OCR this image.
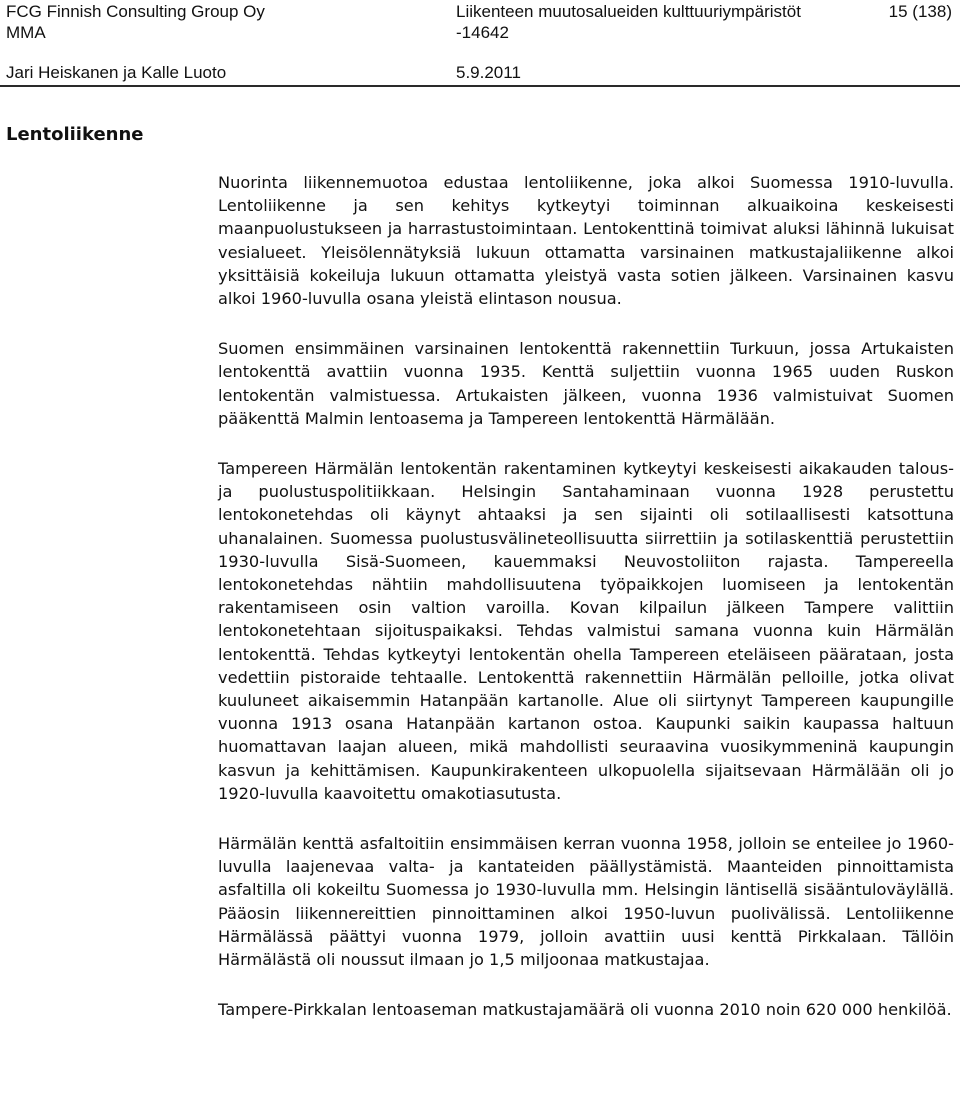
FCG Finnish Consulting Group Oy
MMA
Liikenteen muutosalueiden kulttuuriympäristöt
-14642
15 (138)
Jari Heiskanen ja Kalle Luoto	5.9.2011
Lentoliikenne

Nuorinta liikennemuotoa edustaa lentoliikenne, joka alkoi Suomessa 1910-luvulla. Lentoliikenne ja sen kehitys kytkeytyi toiminnan alkuaikoina keskeisesti maanpuolustukseen ja harrastustoimintaan. Lentokenttinä toimivat aluksi lähinnä lukuisat vesialueet. Yleisölennätyksiä lukuun ottamatta varsinainen matkustajaliikenne alkoi yksittäisiä kokeiluja lukuun ottamatta yleistyä vasta sotien jälkeen. Varsinainen kasvu alkoi 1960-luvulla osana yleistä elintason nousua.

Suomen ensimmäinen varsinainen lentokenttä rakennettiin Turkuun, jossa Artukaisten lentokenttä avattiin vuonna 1935. Kenttä suljettiin vuonna 1965 uuden Ruskon lentokentän valmistuessa. Artukaisten jälkeen, vuonna 1936 valmistuivat Suomen pääkenttä Malmin lentoasema ja Tampereen lentokenttä Härmälään.

Tampereen Härmälän lentokentän rakentaminen kytkeytyi keskeisesti aikakauden talous- ja puolustuspolitiikkaan. Helsingin Santahaminaan vuonna 1928 perustettu lentokonetehdas oli käynyt ahtaaksi ja sen sijainti oli sotilaallisesti katsottuna uhanalainen. Suomessa puolustusvälineteollisuutta siirrettiin ja sotilaskenttiä perustettiin 1930-luvulla Sisä-Suomeen, kauemmaksi Neuvostoliiton rajasta. Tampereella lentokonetehdas nähtiin mahdollisuutena työpaikkojen luomiseen ja lentokentän rakentamiseen osin valtion varoilla. Kovan kilpailun jälkeen Tampere valittiin lentokonetehtaan sijoituspaikaksi. Tehdas valmistui samana vuonna kuin Härmälän lentokenttä. Tehdas kytkeytyi lentokentän ohella Tampereen eteläiseen päärataan, josta vedettiin pistoraide tehtaalle. Lentokenttä rakennettiin Härmälän pelloille, jotka olivat kuuluneet aikaisemmin Hatanpään kartanolle. Alue oli siirtynyt Tampereen kaupungille vuonna 1913 osana Hatanpään kartanon ostoa. Kaupunki saikin kaupassa haltuun huomattavan laajan alueen, mikä mahdollisti seuraavina vuosikymmeninä kaupungin kasvun ja kehittämisen. Kaupunkirakenteen ulkopuolella sijaitsevaan Härmälään oli jo 1920-luvulla kaavoitettu omakotiasutusta.

Härmälän kenttä asfaltoitiin ensimmäisen kerran vuonna 1958, jolloin se enteilee jo 1960-luvulla laajenevaa valta- ja kantateiden päällystämistä. Maanteiden pinnoittamista asfaltilla oli kokeiltu Suomessa jo 1930-luvulla mm. Helsingin läntisellä sisääntuloväylällä. Pääosin liikennereittien pinnoittaminen alkoi 1950-luvun puolivälissä. Lentoliikenne Härmälässä päättyi vuonna 1979, jolloin avattiin uusi kenttä Pirkkalaan. Tällöin Härmälästä oli noussut ilmaan jo 1,5 miljoonaa matkustajaa.

Tampere-Pirkkalan lentoaseman matkustajamäärä oli vuonna 2010 noin 620 000 henkilöä.
